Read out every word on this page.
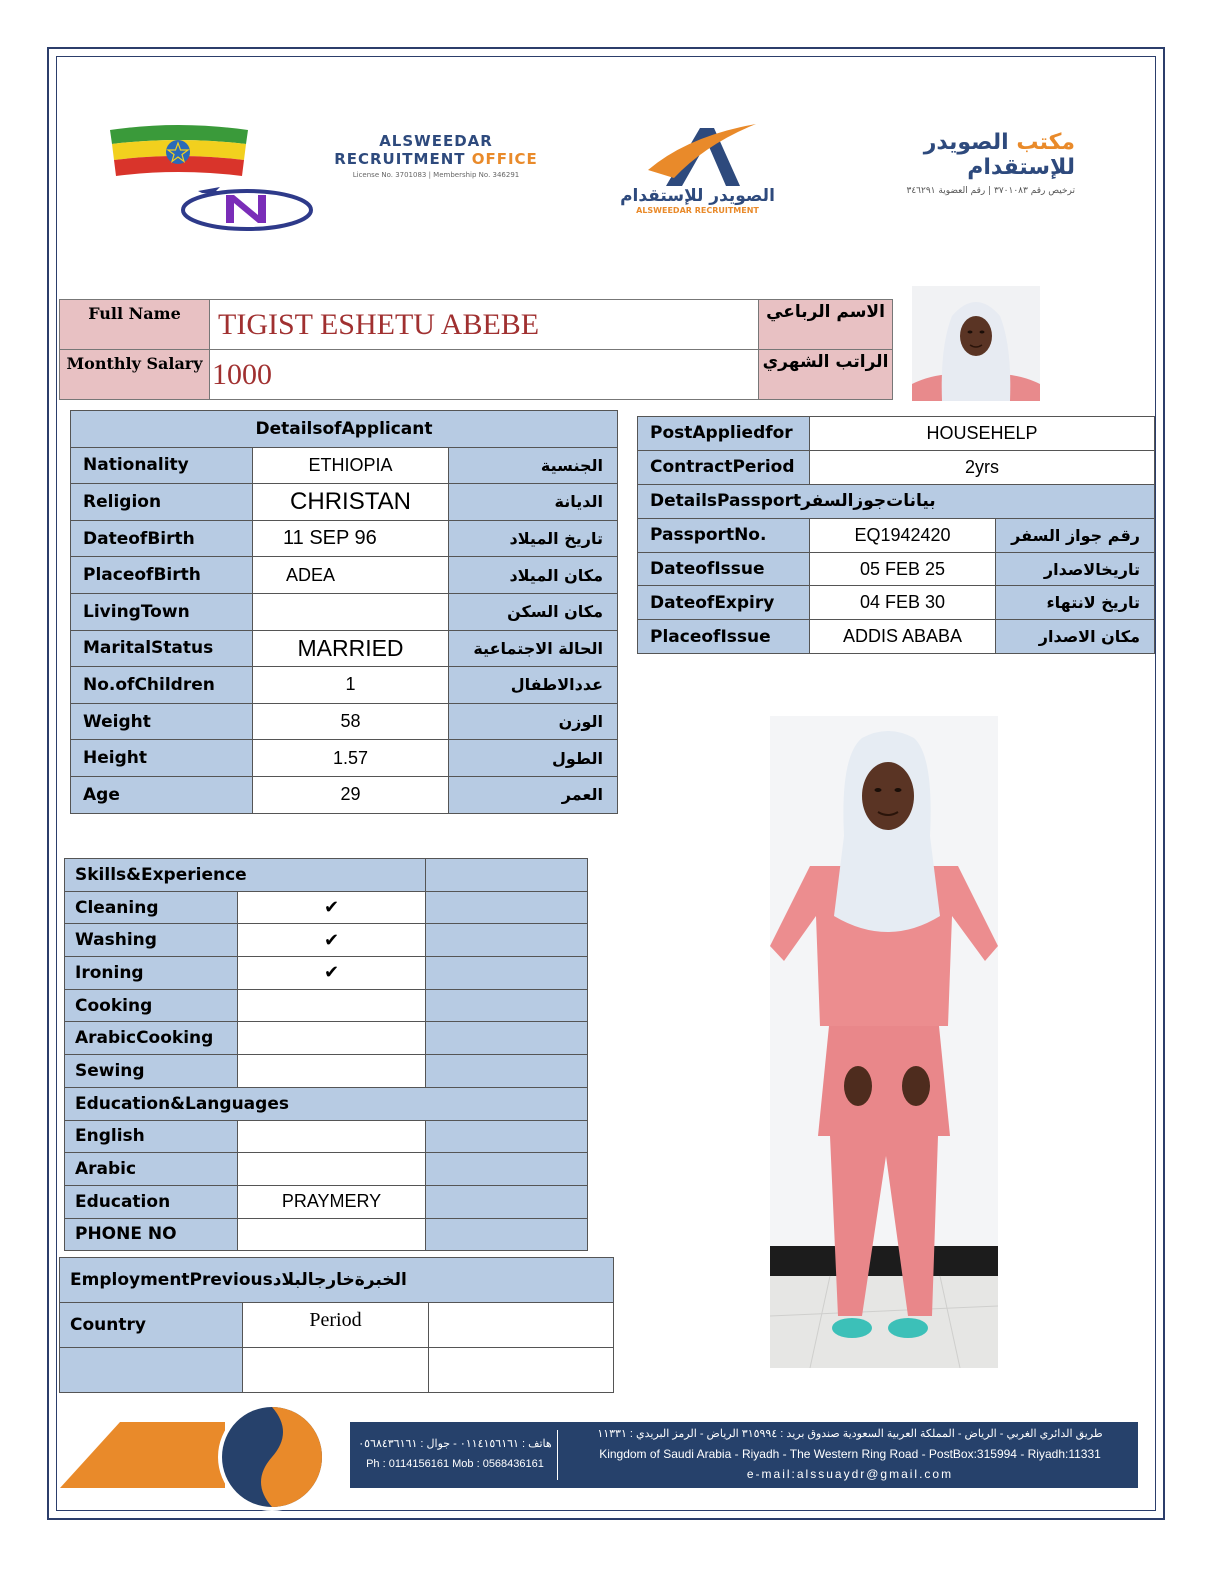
ALSWEEDAR
RECRUITMENT OFFICE
License No. 3701083 | Membership No. 346291
الصويدر للإستقدام
ALSWEEDAR RECRUITMENT
مكتب الصويدر للإستقدام
ترخيص رقم ٣٧٠١٠٨٣ | رقم العضوية ٣٤٦٢٩١
Full Name	TIGIST ESHETU ABEBE	الاسم الرباعي
Monthly Salary	1000	الراتب الشهري
DetailsofApplicant		
Nationality	ETHIOPIA	الجنسية
Religion	CHRISTAN	الديانة
DateofBirth	11 SEP 96	تاريخ الميلاد
PlaceofBirth	ADEA	مكان الميلاد
LivingTown		مكان السكن
MaritalStatus	MARRIED	الحالة الاجتماعية
No.ofChildren	1	عددالاطفال
Weight	58	الوزن
Height	1.57	الطول
Age	29	العمر
PostAppliedfor	HOUSEHELP	
ContractPeriod	2yrs	
DetailsPassportبيانات‌جوزالسفر		
PassportNo.	EQ1942420	رقم جواز السفر
DateofIssue	05 FEB 25	تاريخالاصدار
DateofExpiry	04 FEB 30	تاريخ لانتهاء
PlaceofIssue	ADDIS ABABA	مكان الاصدار
Skills&Experience		
Cleaning	✔	
Washing	✔	
Ironing	✔	
Cooking		
ArabicCooking		
Sewing		
Education&Languages		
English		
Arabic		
Education	PRAYMERY	
PHONE NO		
EmploymentPreviousالخبرةخارجالبلاد		
Country	Period	

هاتف : ٠١١٤١٥٦١٦١ - جوال : ٠٥٦٨٤٣٦١٦١
Ph : 0114156161 Mob : 0568436161
طريق الدائري الغربي - الرياض - المملكة العربية السعودية صندوق بريد : ٣١٥٩٩٤ الرياض - الرمز البريدي : ١١٣٣١
Kingdom of Saudi Arabia - Riyadh - The Western Ring Road - PostBox:315994 - Riyadh:11331
e-mail:alssuaydr@gmail.com
